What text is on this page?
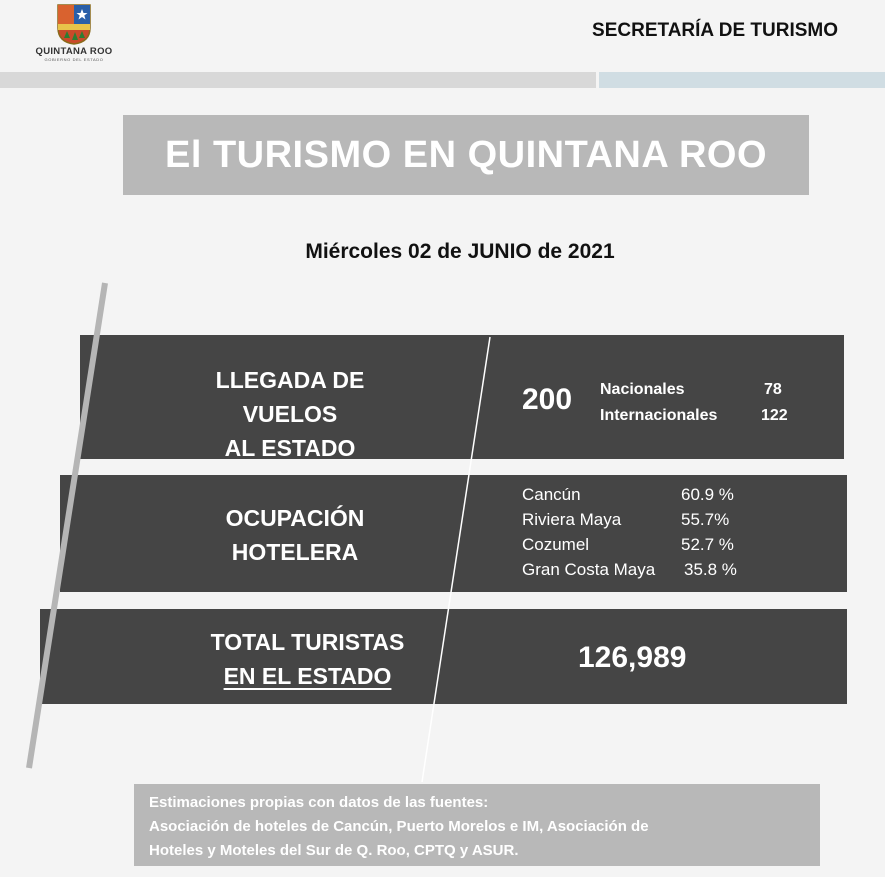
QUINTANA ROO
GOBIERNO DEL ESTADO
SECRETARÍA DE TURISMO
El TURISMO EN QUINTANA ROO
Miércoles 02 de JUNIO de 2021
LLEGADA DE VUELOS
AL ESTADO
200 Nacionales	78
Internacionales	122
OCUPACIÓN
HOTELERA
Cancún	60.9 %
Riviera Maya	55.7%
Cozumel	52.7 %
Gran Costa Maya 35.8 %
TOTAL TURISTAS
EN EL ESTADO
126,989
Estimaciones propias con datos de las fuentes:
Asociación de hoteles de Cancún, Puerto Morelos e IM, Asociación de
Hoteles y Moteles del Sur de Q. Roo, CPTQ y ASUR.
